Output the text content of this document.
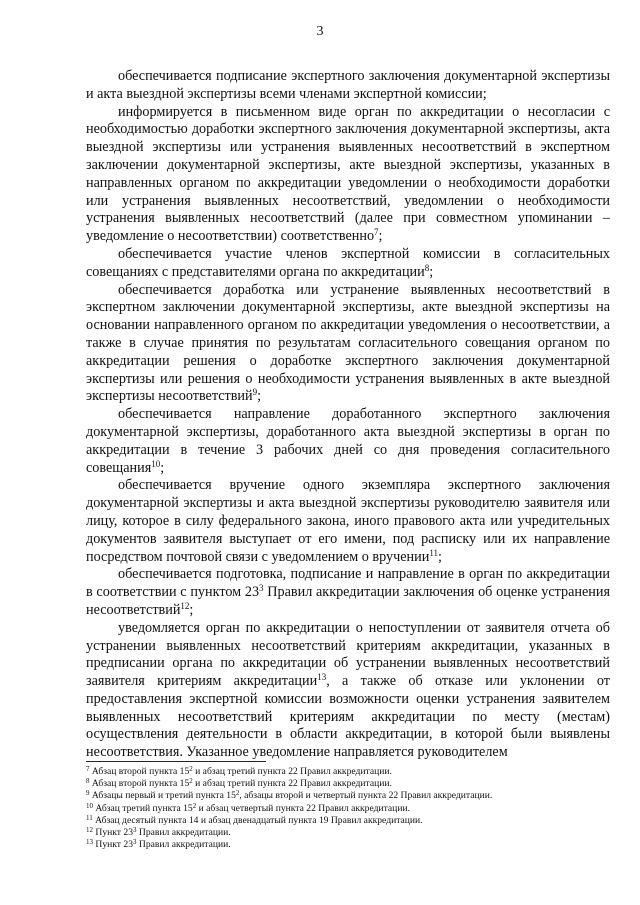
3

обеспечивается подписание экспертного заключения документарной экспертизы и акта выездной экспертизы всеми членами экспертной комиссии;

информируется в письменном виде орган по аккредитации о несогласии с необходимостью доработки экспертного заключения документарной экспертизы, акта выездной экспертизы или устранения выявленных несоответствий в экспертном заключении документарной экспертизы, акте выездной экспертизы, указанных в направленных органом по аккредитации уведомлении о необходимости доработки или устранения выявленных несоответствий, уведомлении о необходимости устранения выявленных несоответствий (далее при совместном упоминании – уведомление о несоответствии) соответственно$^7$;

обеспечивается участие членов экспертной комиссии в согласительных совещаниях с представителями органа по аккредитации$^8$;

обеспечивается доработка или устранение выявленных несоответствий в экспертном заключении документарной экспертизы, акте выездной экспертизы на основании направленного органом по аккредитации уведомления о несоответствии, а также в случае принятия по результатам согласительного совещания органом по аккредитации решения о доработке экспертного заключения документарной экспертизы или решения о необходимости устранения выявленных в акте выездной экспертизы несоответствий$^9$;

обеспечивается направление доработанного экспертного заключения документарной экспертизы, доработанного акта выездной экспертизы в орган по аккредитации в течение 3 рабочих дней со дня проведения согласительного совещания$^{10}$;

обеспечивается вручение одного экземпляра экспертного заключения документарной экспертизы и акта выездной экспертизы руководителю заявителя или лицу, которое в силу федерального закона, иного правового акта или учредительных документов заявителя выступает от его имени, под расписку или их направление посредством почтовой связи с уведомлением о вручении$^{11}$;

обеспечивается подготовка, подписание и направление в орган по аккредитации в соответствии с пунктом $23^3$ Правил аккредитации заключения об оценке устранения несоответствий$^{12}$;

уведомляется орган по аккредитации о непоступлении от заявителя отчета об устранении выявленных несоответствий критериям аккредитации, указанных в предписании органа по аккредитации об устранении выявленных несоответствий заявителя критериям аккредитации$^{13}$, а также об отказе или уклонении от предоставления экспертной комиссии возможности оценки устранения заявителем выявленных несоответствий критериям аккредитации по месту (местам) осуществления деятельности в области аккредитации, в которой были выявлены несоответствия. Указанное уведомление направляется руководителем

$^7$ Абзац второй пункта $15^2$ и абзац третий пункта 22 Правил аккредитации.
$^8$ Абзац второй пункта $15^2$ и абзац третий пункта 22 Правил аккредитации.
$^9$ Абзацы первый и третий пункта $15^2$, абзацы второй и четвертый пункта 22 Правил аккредитации.
$^{10}$ Абзац третий пункта $15^2$ и абзац четвертый пункта 22 Правил аккредитации.
$^{11}$ Абзац десятый пункта 14 и абзац двенадцатый пункта 19 Правил аккредитации.
$^{12}$ Пункт $23^3$ Правил аккредитации.
$^{13}$ Пункт $23^3$ Правил аккредитации.
